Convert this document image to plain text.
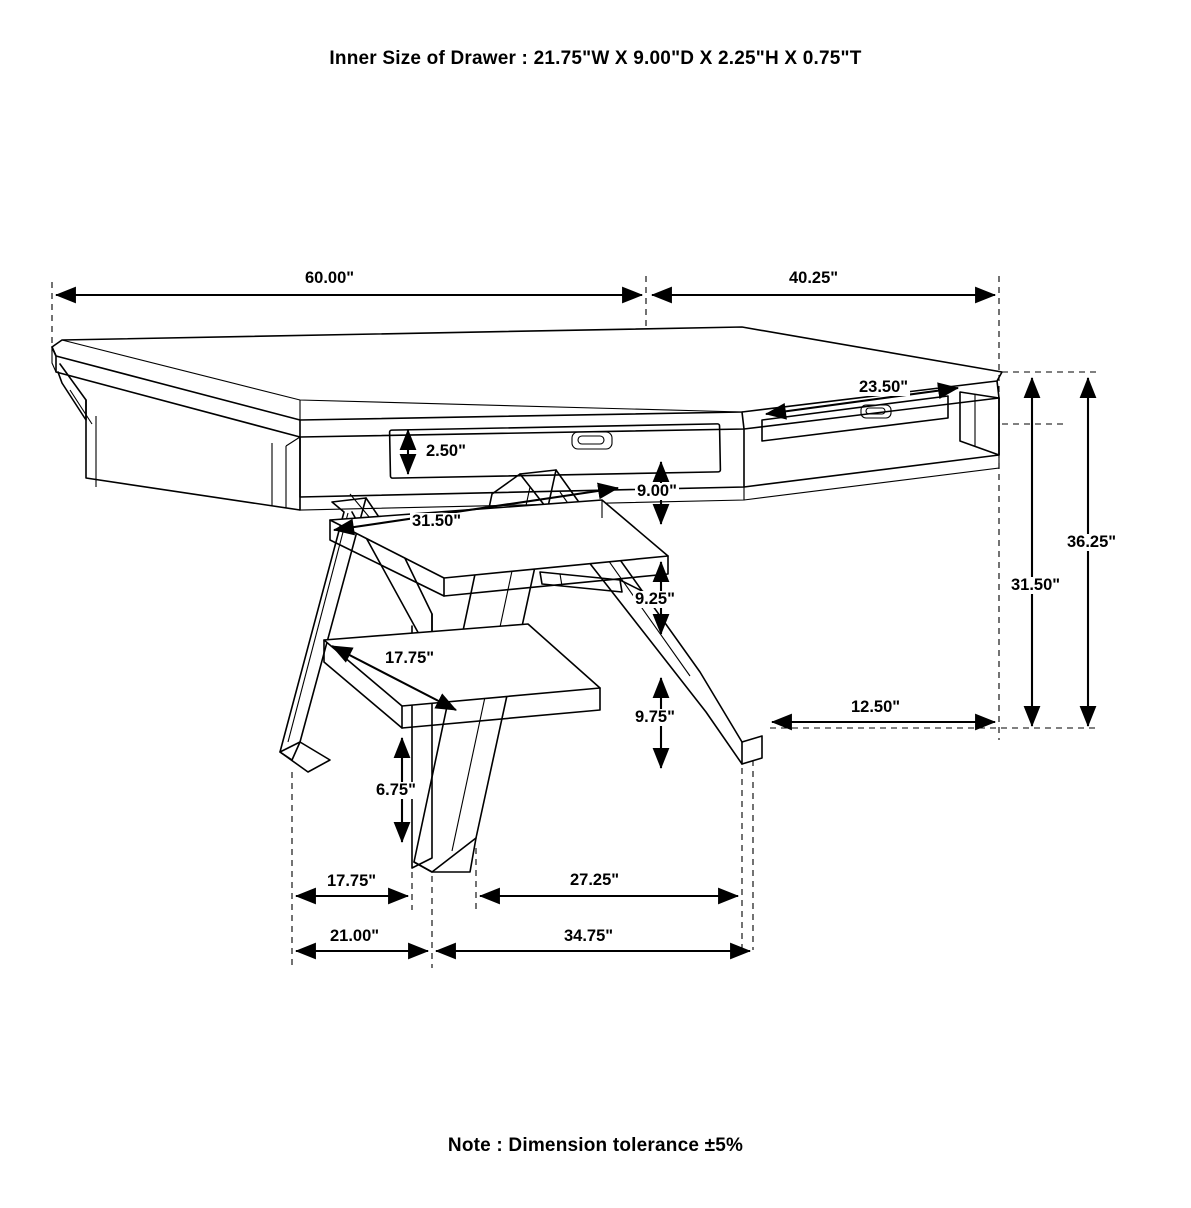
Inner Size of Drawer : 21.75"W X 9.00"D X 2.25"H X 0.75"T
60.00"	40.25"
2.50"
23.50"
9.00"
31.50"
9.25"
17.75"
9.75"
6.75"
12.50"
36.25"
31.50"
17.75"	27.25"
21.00"	34.75"
Note : Dimension tolerance ±5%
